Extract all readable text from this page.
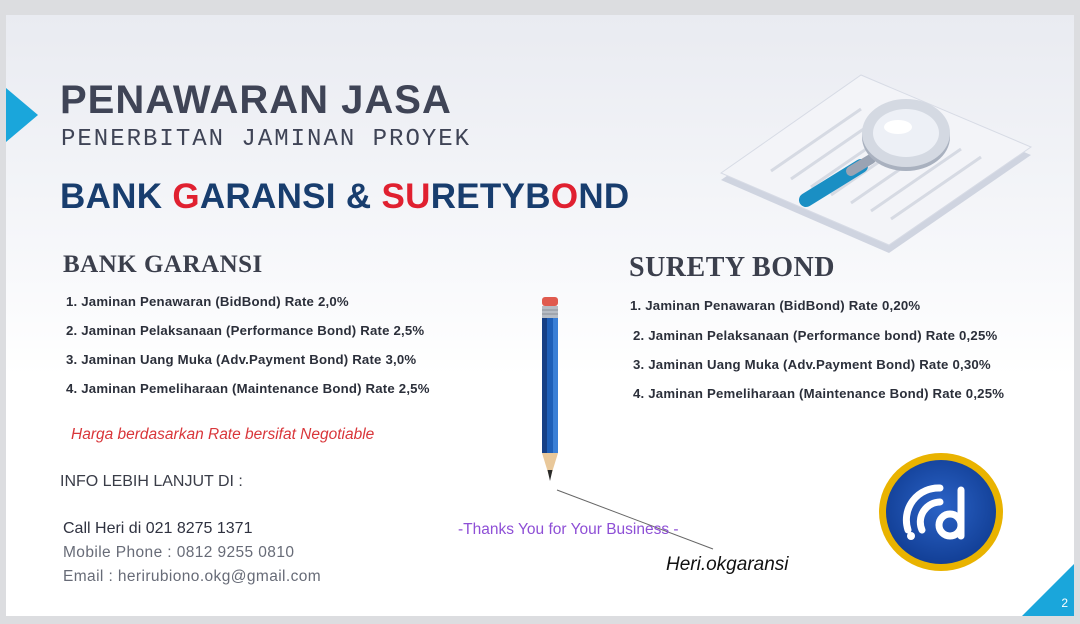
PENAWARAN JASA
PENERBITAN JAMINAN PROYEK
BANK GARANSI & SURETYBOND
BANK GARANSI
1. Jaminan Penawaran (BidBond) Rate 2,0%
2. Jaminan Pelaksanaan (Performance Bond) Rate 2,5%
3. Jaminan Uang Muka (Adv.Payment Bond) Rate 3,0%
4. Jaminan Pemeliharaan (Maintenance Bond) Rate 2,5%
SURETY BOND
1. Jaminan Penawaran (BidBond) Rate 0,20%
2. Jaminan Pelaksanaan (Performance bond) Rate 0,25%
3. Jaminan Uang Muka (Adv.Payment Bond) Rate 0,30%
4. Jaminan Pemeliharaan (Maintenance Bond) Rate 0,25%
Harga berdasarkan Rate bersifat Negotiable
INFO LEBIH LANJUT DI :
Call Heri di 021 8275 1371
Mobile Phone : 0812 9255 0810
Email : herirubiono.okg@gmail.com
-Thanks You for Your Business -
Heri.okgaransi
2
